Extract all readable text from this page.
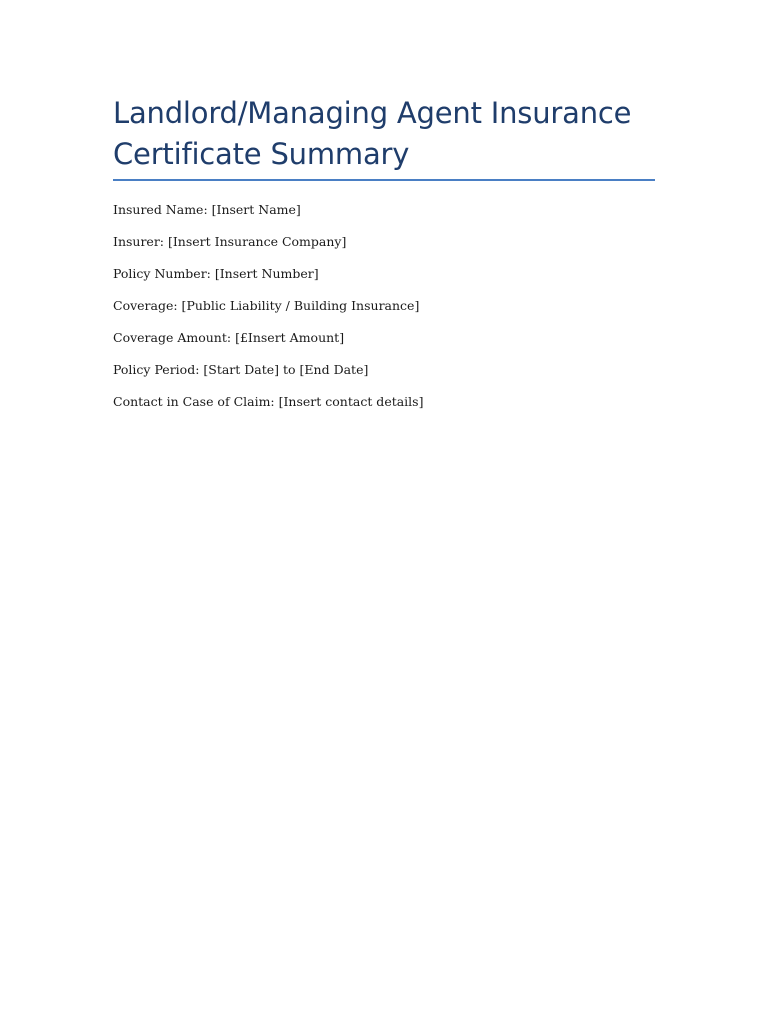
Landlord/Managing Agent Insurance Certificate Summary
Insured Name: [Insert Name]
Insurer: [Insert Insurance Company]
Policy Number: [Insert Number]
Coverage: [Public Liability / Building Insurance]
Coverage Amount: [£Insert Amount]
Policy Period: [Start Date] to [End Date]
Contact in Case of Claim: [Insert contact details]
